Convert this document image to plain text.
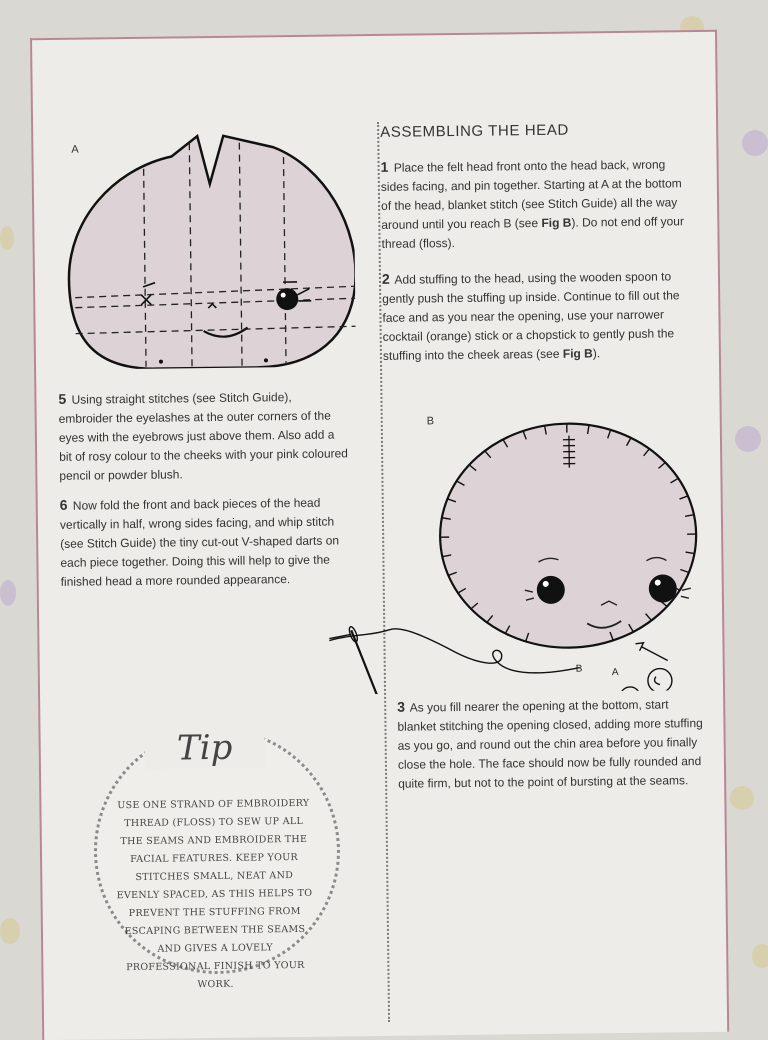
A
ASSEMBLING THE HEAD
1 Place the felt head front onto the head back, wrong sides facing, and pin together. Starting at A at the bottom of the head, blanket stitch (see Stitch Guide) all the way around until you reach B (see Fig B). Do not end off your thread (floss).
2 Add stuffing to the head, using the wooden spoon to gently push the stuffing up inside. Continue to fill out the face and as you near the opening, use your narrower cocktail (orange) stick or a chopstick to gently push the stuffing into the cheek areas (see Fig B).
5 Using straight stitches (see Stitch Guide), embroider the eyelashes at the outer corners of the eyes with the eyebrows just above them. Also add a bit of rosy colour to the cheeks with your pink coloured pencil or powder blush.
6 Now fold the front and back pieces of the head vertically in half, wrong sides facing, and whip stitch (see Stitch Guide) the tiny cut-out V-shaped darts on each piece together. Doing this will help to give the finished head a more rounded appearance.
B
B	A
3 As you fill nearer the opening at the bottom, start blanket stitching the opening closed, adding more stuffing as you go, and round out the chin area before you finally close the hole. The face should now be fully rounded and quite firm, but not to the point of bursting at the seams.
Tip
USE ONE STRAND OF EMBROIDERY THREAD (FLOSS) TO SEW UP ALL THE SEAMS AND EMBROIDER THE FACIAL FEATURES. KEEP YOUR STITCHES SMALL, NEAT AND EVENLY SPACED, AS THIS HELPS TO PREVENT THE STUFFING FROM ESCAPING BETWEEN THE SEAMS AND GIVES A LOVELY PROFESSIONAL FINISH TO YOUR WORK.
